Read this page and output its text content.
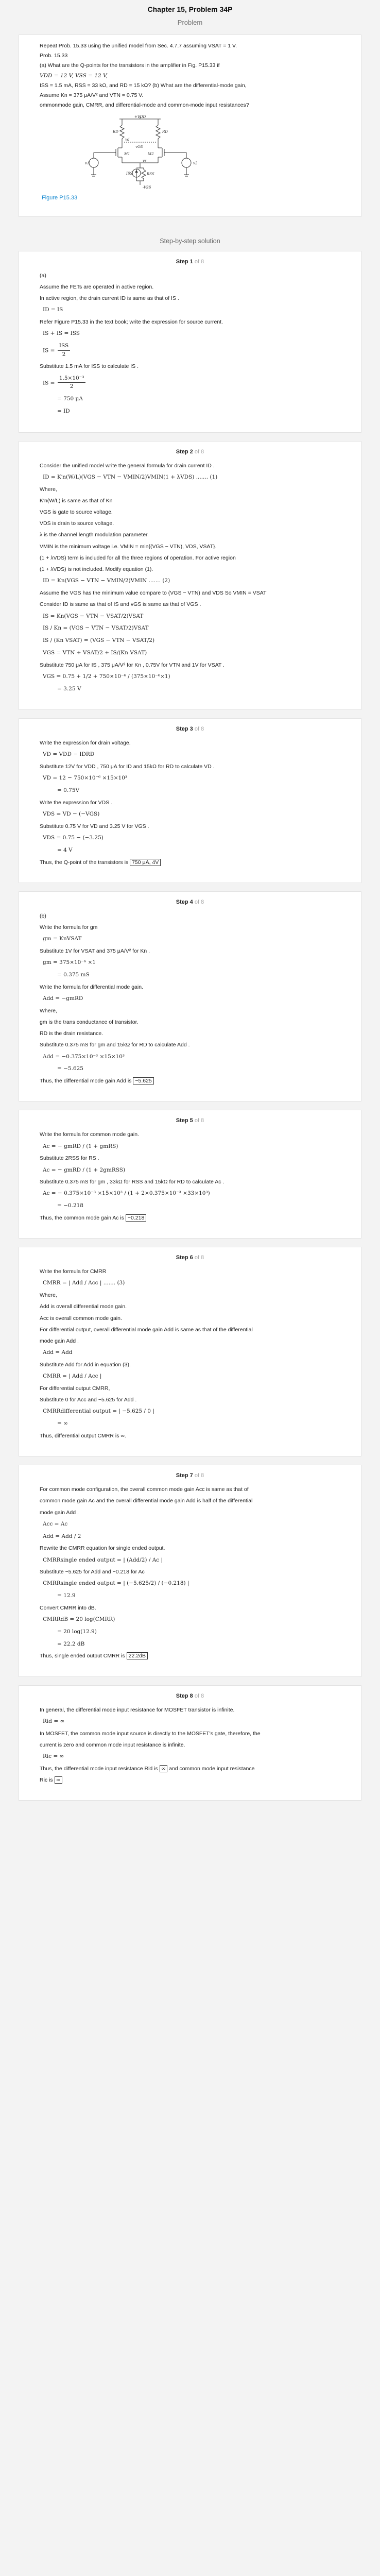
Chapter 15, Problem 34P
Problem

Repeat Prob. 15.33 using the unified model from Sec. 4.7.7 assuming VSAT = 1 V.

Prob. 15.33

(a) What are the Q-points for the transistors in the amplifier in Fig. P15.33 if

VDD = 12 V, VSS = 12 V,

ISS = 1.5 mA, RSS = 33 kΩ, and RD = 15 kΩ? (b) What are the differential-mode gain,

Assume Kn = 375 μA/V² and VTN = 0.75 V.

ommonmode gain, CMRR, and differential-mode and common-mode input resistances?

+VDD
RD	RD
vd
vOD
vs
M1	M2
ISS	RSS
-VSS
v1	v2
Figure P15.33
Step-by-step solution
Step 1 of 8

(a)

Assume the FETs are operated in active region.

In active region, the drain current ID is same as that of IS .

ID = IS

Refer Figure P15.33 in the text book; write the expression for source current.

IS + IS = ISS
IS = $\frac{\text{ISS}}{2}$

Substitute 1.5 mA for ISS to calculate IS .

IS = $\frac{\text{1.5×10⁻³}}{2}$
= 750 μA
= ID
Step 2 of 8

Consider the unified model write the general formula for drain current ID .

ID = K′n(W/L)(VGS − VTN − VMIN/2)VMIN(1 + λVDS) ....... (1)

Where,

K′n(W/L) is same as that of Kn

VGS is gate to source voltage.

VDS is drain to source voltage.

λ is the channel length modulation parameter.

VMIN is the minimum voltage i.e. VMIN = min{(VGS − VTN), VDS, VSAT}.

(1 + λVDS) term is included for all the three regions of operation. For active region

(1 + λVDS) is not included. Modify equation (1).

ID = Kn(VGS − VTN − VMIN/2)VMIN ....... (2)

Assume the VGS has the minimum value compare to (VGS − VTN) and VDS So VMIN = VSAT

Consider ID is same as that of IS and vGS is same as that of VGS .

IS = Kn(VGS − VTN − VSAT/2)VSAT
IS / Kn = (VGS − VTN − VSAT/2)VSAT
IS / (Kn VSAT) = (VGS − VTN − VSAT/2)
VGS = VTN + VSAT/2 + IS/(Kn VSAT)

Substitute 750 μA for IS , 375 μA/V² for Kn , 0.75V for VTN and 1V for VSAT .

VGS = 0.75 + 1/2 + 750×10⁻⁶ / (375×10⁻⁶×1)
= 3.25 V
Step 3 of 8

Write the expression for drain voltage.

VD = VDD − IDRD

Substitute 12V for VDD , 750 μA for ID and 15kΩ for RD to calculate VD .

VD = 12 − 750×10⁻⁶ ×15×10³
= 0.75V

Write the expression for VDS .

VDS = VD − (−VGS)

Substitute 0.75 V for VD and 3.25 V for VGS .

VDS = 0.75 − (−3.25)
= 4 V

Thus, the Q-point of the transistors is 750 μA, 4V

Step 4 of 8

(b)

Write the formula for gm

gm = KnVSAT

Substitute 1V for VSAT and 375 μA/V² for Kn .

gm = 375×10⁻⁶ ×1
= 0.375 mS

Write the formula for differential mode gain.

Add = −gmRD

Where,

gm is the trans conductance of transistor.

RD is the drain resistance.

Substitute 0.375 mS for gm and 15kΩ for RD to calculate Add .

Add = −0.375×10⁻³ ×15×10³
= −5.625

Thus, the differential mode gain Add is −5.625

Step 5 of 8

Write the formula for common mode gain.

Ac = − gmRD / (1 + gmRS)

Substitute 2RSS for RS .

Ac = − gmRD / (1 + 2gmRSS)

Substitute 0.375 mS for gm , 33kΩ for RSS and 15kΩ for RD to calculate Ac .

Ac = − 0.375×10⁻³ ×15×10³ / (1 + 2×0.375×10⁻³ ×33×10³)
= −0.218

Thus, the common mode gain Ac is −0.218

Step 6 of 8

Write the formula for CMRR

CMRR = | Add / Acc | ....... (3)

Where,

Add is overall differential mode gain.

Acc is overall common mode gain.

For differential output, overall differential mode gain Add is same as that of the differential

mode gain Add .

Add = Add

Substitute Add for Add in equation (3).

CMRR = | Add / Acc |

For differential output CMRR,

Substitute 0 for Acc and −5.625 for Add .

CMRRdifferential output = | −5.625 / 0 |
= ∞

Thus, differential output CMRR is ∞.

Step 7 of 8

For common mode configuration, the overall common mode gain Acc is same as that of

common mode gain Ac and the overall differential mode gain Add is half of the differential

mode gain Add .

Acc = Ac
Add = Add / 2

Rewrite the CMRR equation for single ended output.

CMRRsingle ended output = | (Add/2) / Ac |

Substitute −5.625 for Add and −0.218 for Ac

CMRRsingle ended output = | (−5.625/2) / (−0.218) |
= 12.9

Convert CMRR into dB.

CMRRdB = 20 log(CMRR)
= 20 log(12.9)
= 22.2 dB

Thus, single ended output CMRR is 22.2dB

Step 8 of 8

In general, the differential mode input resistance for MOSFET transistor is infinite.

Rid = ∞

In MOSFET, the common mode input source is directly to the MOSFET's gate, therefore, the

current is zero and common mode input resistance is infinite.

Ric = ∞

Thus, the differential mode input resistance Rid is ∞ and common mode input resistance

Ric is ∞
